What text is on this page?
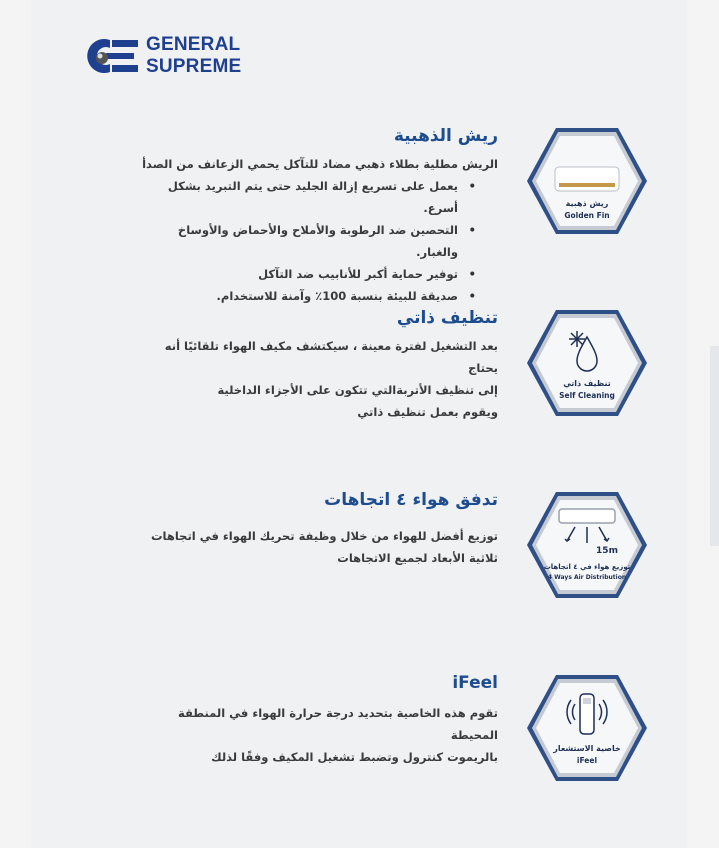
GENERAL
SUPREME
ريش الذهبية
الريش مطلية بطلاء ذهبي مضاد للتآكل يحمي الزعانف من الصدأ
• يعمل على تسريع إزالة الجليد حتى يتم التبريد بشكل أسرع.
• التحصين ضد الرطوبة والأملاح والأحماض والأوساخ والغبار.
• توفير حماية أكبر للأنابيب ضد التآكل
• صديقة للبيئة بنسبة 100٪ وآمنة للاستخدام.
ريش ذهبية
Golden Fin
تنظيف ذاتي
بعد التشغيل لفترة معينة ، سيكتشف مكيف الهواء تلقائيًا أنه يحتاج
إلى تنظيف الأتربةالتي تتكون على الأجزاء الداخلية
ويقوم بعمل تنظيف ذاتي
تنظيف ذاتي
Self Cleaning
تدفق هواء ٤ اتجاهات
توزيع أفضل للهواء من خلال وظيفة تحريك الهواء في اتجاهات
ثلاثية الأبعاد لجميع الاتجاهات	15m
توزيع هواء في ٤ اتجاهات
4 Ways Air Distribution
iFeel
تقوم هذه الخاصية بتحديد درجة حرارة الهواء في المنطقة المحيطة
بالريموت كنترول وتضبط تشغيل المكيف وفقًا لذلك
خاصية الاستشعار
iFeel
